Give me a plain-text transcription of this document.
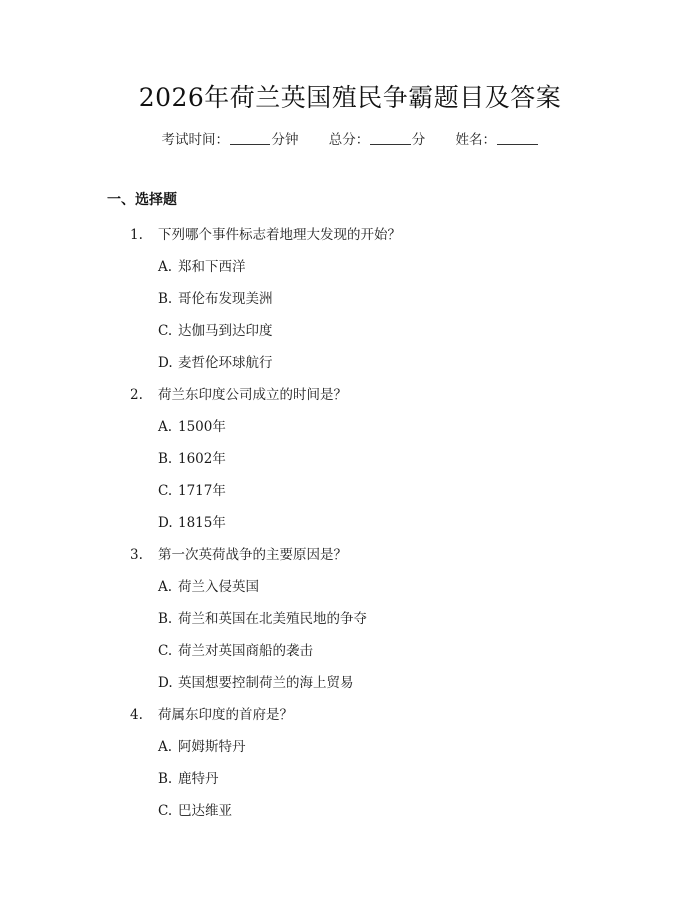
2026年荷兰英国殖民争霸题目及答案
考试时间：	分钟 总分：	分 姓名：
一、选择题
1.	下列哪个事件标志着地理大发现的开始？
A. 郑和下西洋
B. 哥伦布发现美洲
C. 达伽马到达印度
D. 麦哲伦环球航行
2.	荷兰东印度公司成立的时间是？
A. 1500年
B. 1602年
C. 1717年
D. 1815年
3.	第一次英荷战争的主要原因是？
A. 荷兰入侵英国
B. 荷兰和英国在北美殖民地的争夺
C. 荷兰对英国商船的袭击
D. 英国想要控制荷兰的海上贸易
4.	荷属东印度的首府是？
A. 阿姆斯特丹
B. 鹿特丹
C. 巴达维亚
